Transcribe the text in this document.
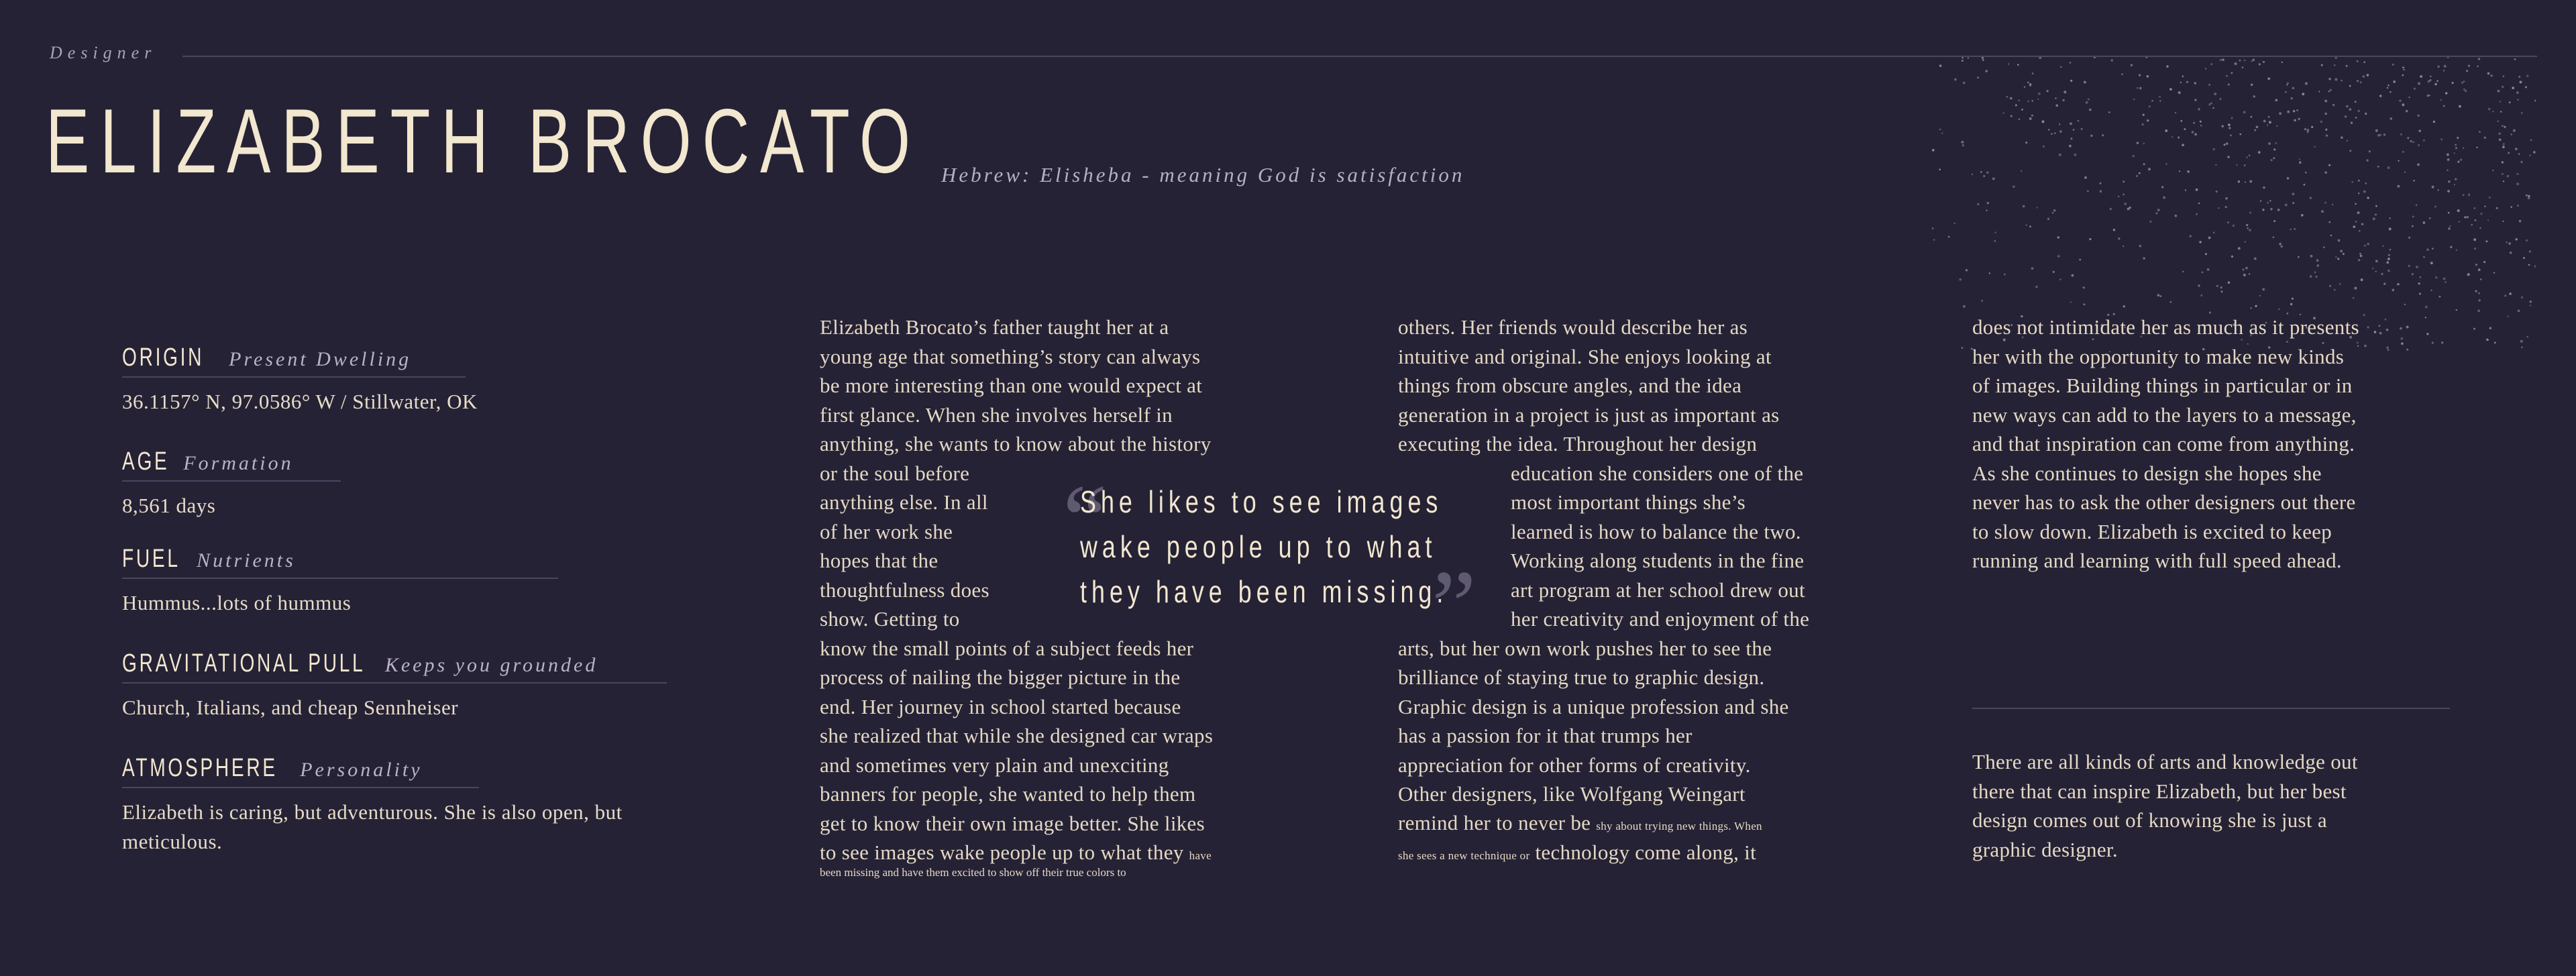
Designer
ELIZABETH BROCATO Hebrew: Elisheba - meaning God is satisfaction
ORIGIN Present Dwelling
36.1157° N, 97.0586° W / Stillwater, OK
AGE Formation
8,561 days
FUEL Nutrients
Hummus...lots of hummus
GRAVITATIONAL PULL Keeps you grounded
Church, Italians, and cheap Sennheiser
ATMOSPHERE Personality
Elizabeth is caring, but adventurous. She is also open, but meticulous.
Elizabeth Brocato’s father taught her at a
young age that something’s story can always
be more interesting than one would expect at
first glance. When she involves herself in
anything, she wants to know about the history
or the soul before
anything else. In all
of her work she
hopes that the
thoughtfulness does
show. Getting to
know the small points of a subject feeds her
process of nailing the bigger picture in the
end. Her journey in school started because
she realized that while she designed car wraps
and sometimes very plain and unexciting
banners for people, she wanted to help them
get to know their own image better. She likes
to see images wake people up to what they have
been missing and have them excited to show off their true colors to
“
She likes to see images
wake people up to what
they have been missing.
”
others. Her friends would describe her as
intuitive and original. She enjoys looking at
things from obscure angles, and the idea
generation in a project is just as important as
executing the idea. Throughout her design
education she considers one of the
most important things she’s
learned is how to balance the two.
Working along students in the fine
art program at her school drew out
her creativity and enjoyment of the
arts, but her own work pushes her to see the
brilliance of staying true to graphic design.
Graphic design is a unique profession and she
has a passion for it that trumps her
appreciation for other forms of creativity.
Other designers, like Wolfgang Weingart
remind her to never be shy about trying new things. When
she sees a new technique or technology come along, it
does not intimidate her as much as it presents
her with the opportunity to make new kinds
of images. Building things in particular or in
new ways can add to the layers to a message,
and that inspiration can come from anything.
As she continues to design she hopes she
never has to ask the other designers out there
to slow down. Elizabeth is excited to keep
running and learning with full speed ahead.
There are all kinds of arts and knowledge out
there that can inspire Elizabeth, but her best
design comes out of knowing she is just a
graphic designer.
